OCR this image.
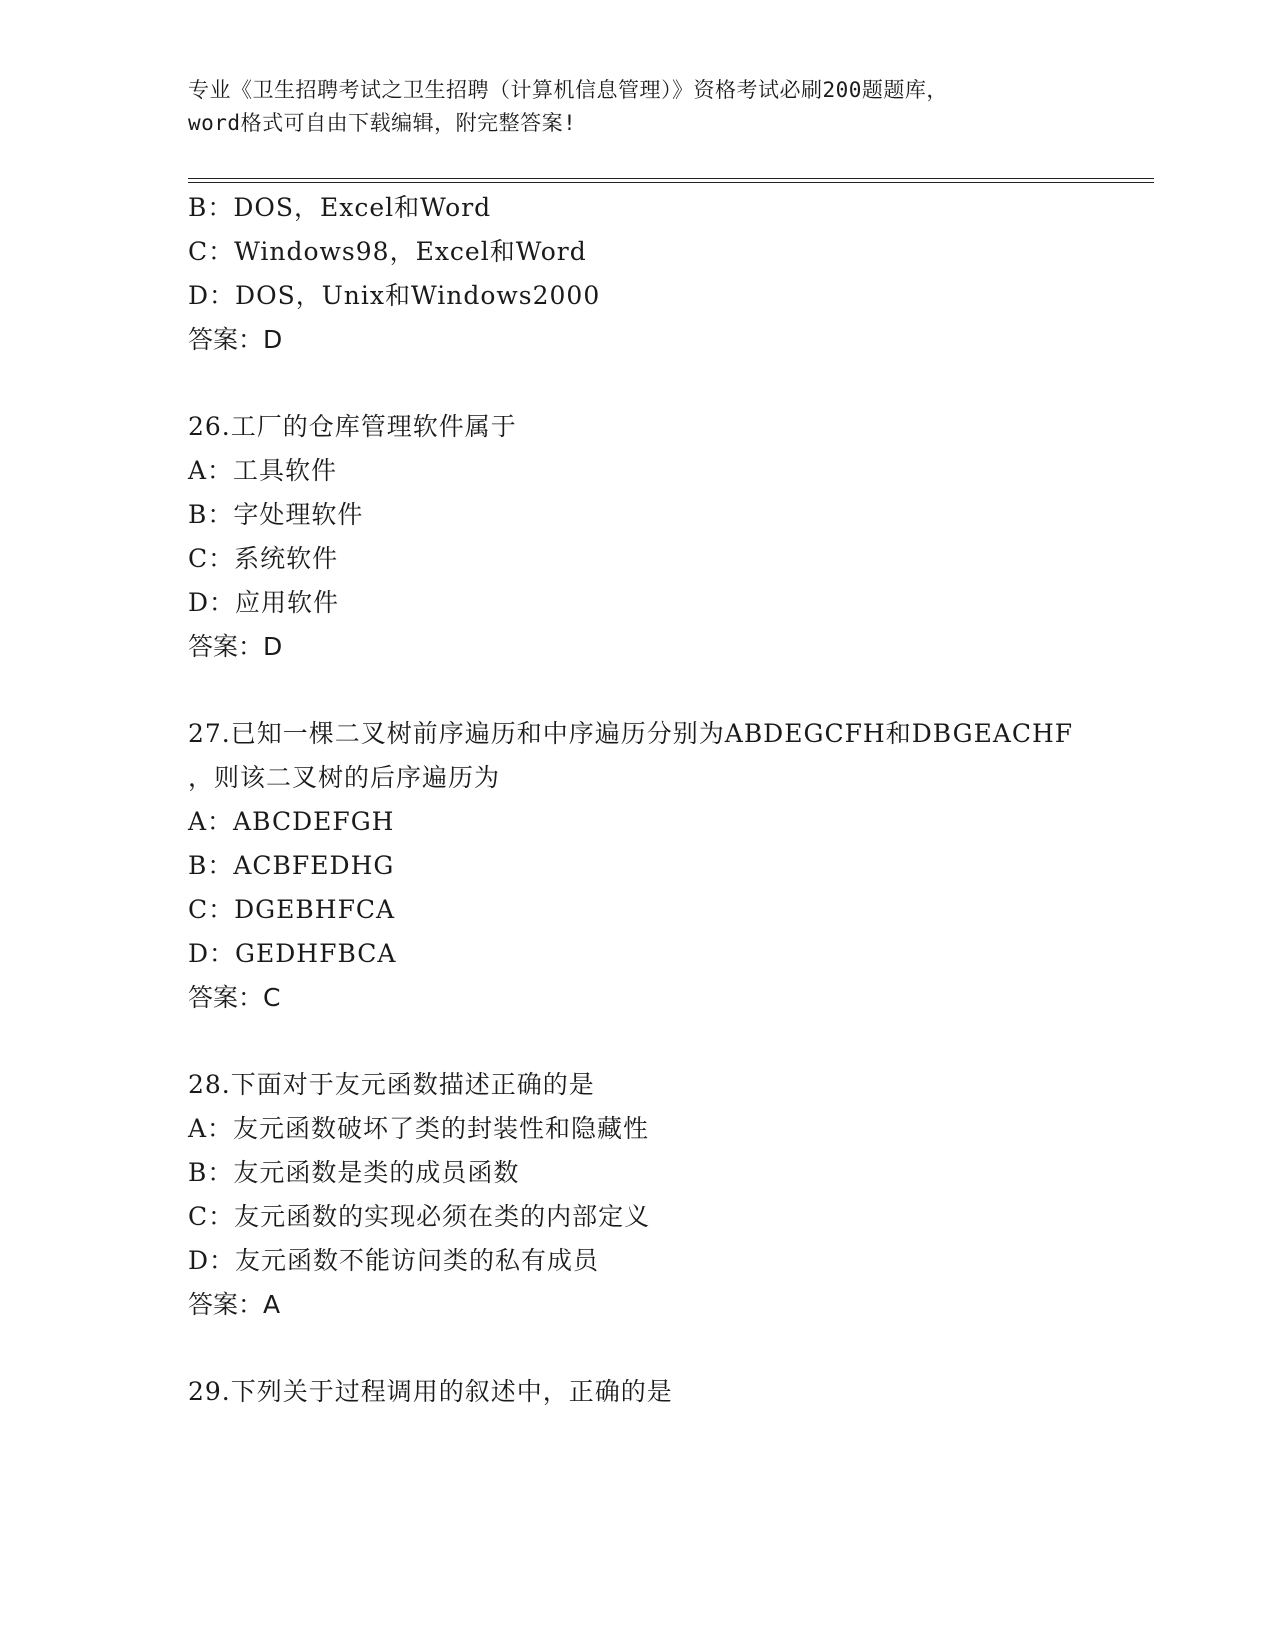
专业《卫生招聘考试之卫生招聘（计算机信息管理）》资格考试必刷200题题库，
word格式可自由下载编辑，附完整答案!
B：DOS，Excel和Word
C：Windows98，Excel和Word
D：DOS，Unix和Windows2000
答案：D
26.工厂的仓库管理软件属于
A：工具软件
B：字处理软件
C：系统软件
D：应用软件
答案：D
27.已知一棵二叉树前序遍历和中序遍历分别为ABDEGCFH和DBGEACHF
，则该二叉树的后序遍历为
A：ABCDEFGH
B：ACBFEDHG
C：DGEBHFCA
D：GEDHFBCA
答案：C
28.下面对于友元函数描述正确的是
A：友元函数破坏了类的封装性和隐藏性
B：友元函数是类的成员函数
C：友元函数的实现必须在类的内部定义
D：友元函数不能访问类的私有成员
答案：A
29.下列关于过程调用的叙述中，正确的是
